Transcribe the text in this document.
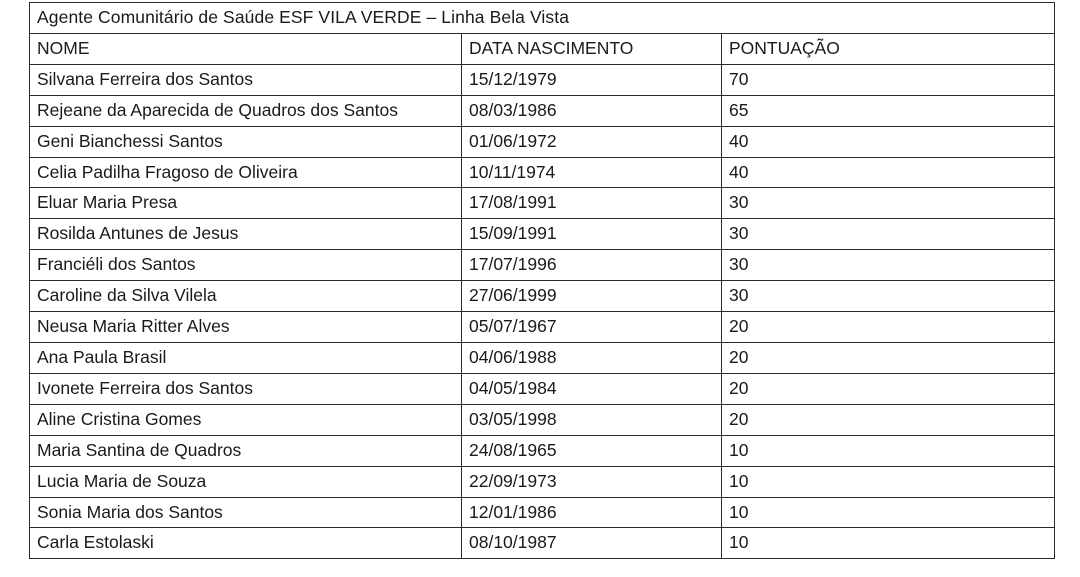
Agente Comunitário de Saúde ESF VILA VERDE – Linha Bela Vista		
NOME	DATA NASCIMENTO	PONTUAÇÃO
Silvana Ferreira dos Santos	15/12/1979	70
Rejeane da Aparecida de Quadros dos Santos	08/03/1986	65
Geni Bianchessi Santos	01/06/1972	40
Celia Padilha Fragoso de Oliveira	10/11/1974	40
Eluar Maria Presa	17/08/1991	30
Rosilda Antunes de Jesus	15/09/1991	30
Franciéli dos Santos	17/07/1996	30
Caroline da Silva Vilela	27/06/1999	30
Neusa Maria Ritter Alves	05/07/1967	20
Ana Paula Brasil	04/06/1988	20
Ivonete Ferreira dos Santos	04/05/1984	20
Aline Cristina Gomes	03/05/1998	20
Maria Santina de Quadros	24/08/1965	10
Lucia Maria de Souza	22/09/1973	10
Sonia Maria dos Santos	12/01/1986	10
Carla Estolaski	08/10/1987	10
